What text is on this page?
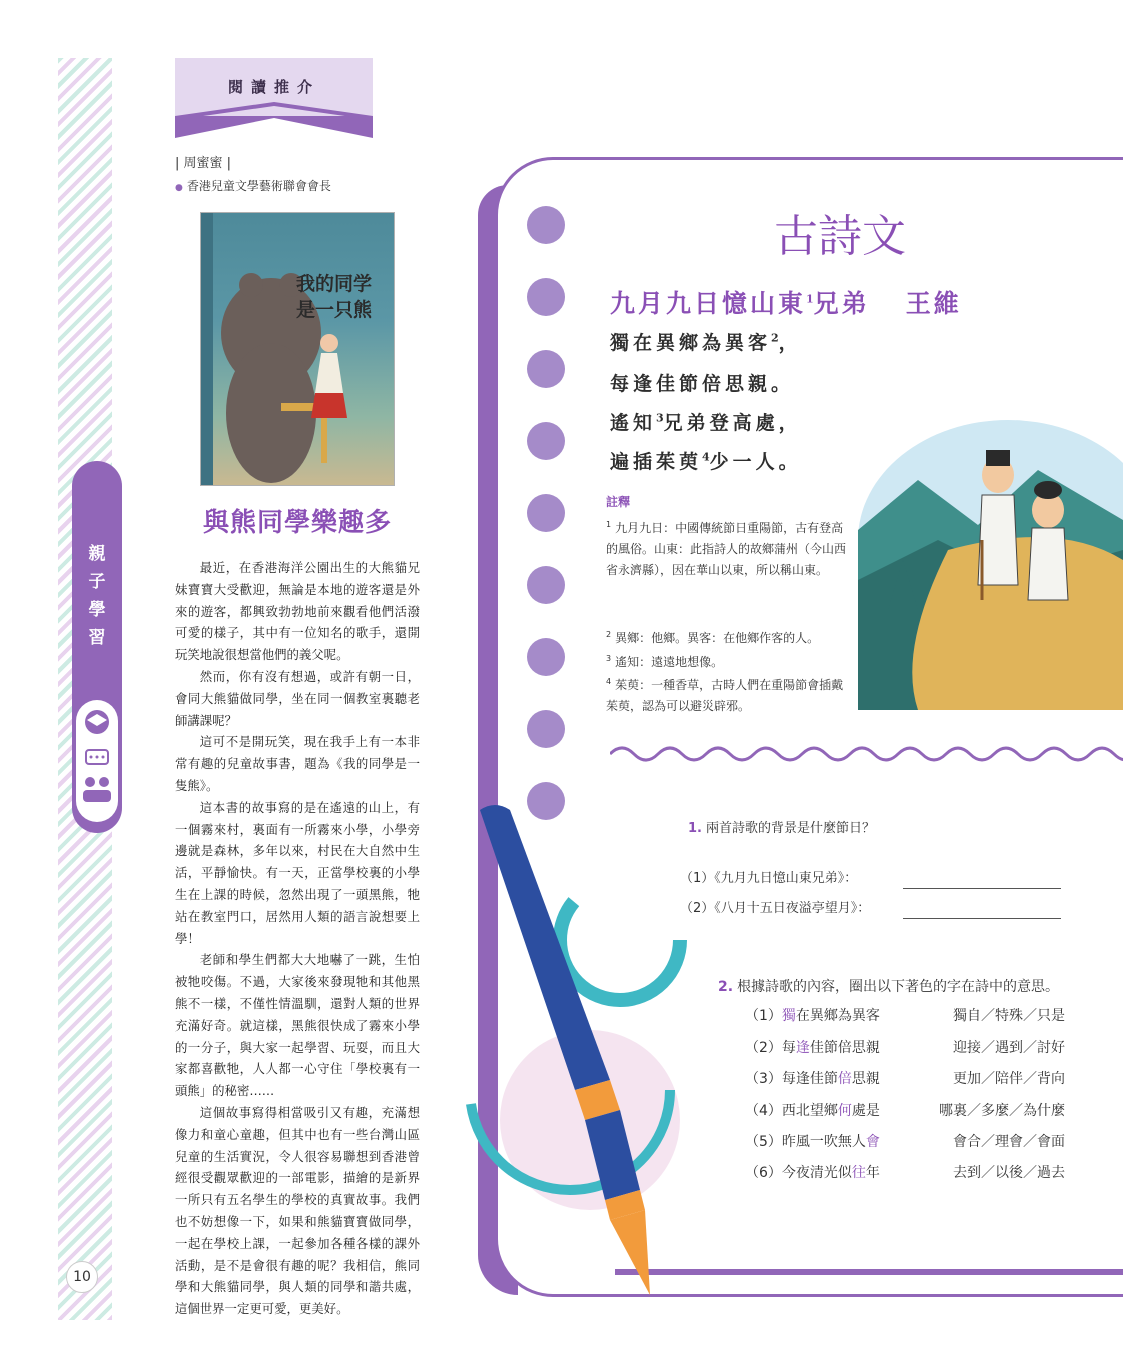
親子學習
10
閱讀推介
| 周蜜蜜 |
● 香港兒童文學藝術聯會會長
我的同学是一只熊
與熊同學樂趣多

最近，在香港海洋公園出生的大熊貓兄妹寶寶大受歡迎，無論是本地的遊客還是外來的遊客，都興致勃勃地前來觀看他們活潑可愛的樣子，其中有一位知名的歌手，還開玩笑地說很想當他們的義父呢。

然而，你有沒有想過，或許有朝一日，會同大熊貓做同學，坐在同一個教室裏聽老師講課呢？

這可不是開玩笑，現在我手上有一本非常有趣的兒童故事書，題為《我的同學是一隻熊》。

這本書的故事寫的是在遙遠的山上，有一個霧來村，裏面有一所霧來小學，小學旁邊就是森林，多年以來，村民在大自然中生活，平靜愉快。有一天，正當學校裏的小學生在上課的時候，忽然出現了一頭黑熊，牠站在教室門口，居然用人類的語言說想要上學！

老師和學生們都大大地嚇了一跳，生怕被牠咬傷。不過，大家後來發現牠和其他黑熊不一樣，不僅性情溫馴，還對人類的世界充滿好奇。就這樣，黑熊很快成了霧來小學的一分子，與大家一起學習、玩耍，而且大家都喜歡牠，人人都一心守住「學校裏有一頭熊」的秘密……

這個故事寫得相當吸引又有趣，充滿想像力和童心童趣，但其中也有一些台灣山區兒童的生活實況，令人很容易聯想到香港曾經很受觀眾歡迎的一部電影，描繪的是新界一所只有五名學生的學校的真實故事。我們也不妨想像一下，如果和熊貓寶寶做同學，一起在學校上課，一起參加各種各樣的課外活動，是不是會很有趣的呢？我相信，熊同學和大熊貓同學，與人類的同學和諧共處，這個世界一定更可愛，更美好。

古詩文
九月九日憶山東$^1$兄弟 王維
獨在異鄉為異客$^2$，
每逢佳節倍思親。
遙知$^3$兄弟登高處，
遍插茱萸$^4$少一人。
註釋
$^1$ 九月九日：中國傳統節日重陽節，古有登高的風俗。山東：此指詩人的故鄉蒲州（今山西省永濟縣），因在華山以東，所以稱山東。
$^2$ 異鄉：他鄉。異客：在他鄉作客的人。
$^3$ 遙知：遠遠地想像。
$^4$ 茱萸：一種香草，古時人們在重陽節會插戴茱萸，認為可以避災辟邪。
1. 兩首詩歌的背景是什麼節日？
（1）《九月九日憶山東兄弟》：
（2）《八月十五日夜溢亭望月》：
2. 根據詩歌的內容，圈出以下著色的字在詩中的意思。
（1）獨在異鄉為異客	獨自／特殊／只是
（2）每逢佳節倍思親	迎接／遇到／討好
（3）每逢佳節倍思親	更加／陪伴／背向
（4）西北望鄉何處是	哪裏／多麼／為什麼
（5）昨風一吹無人會	會合／理會／會面
（6）今夜清光似往年	去到／以後／過去
